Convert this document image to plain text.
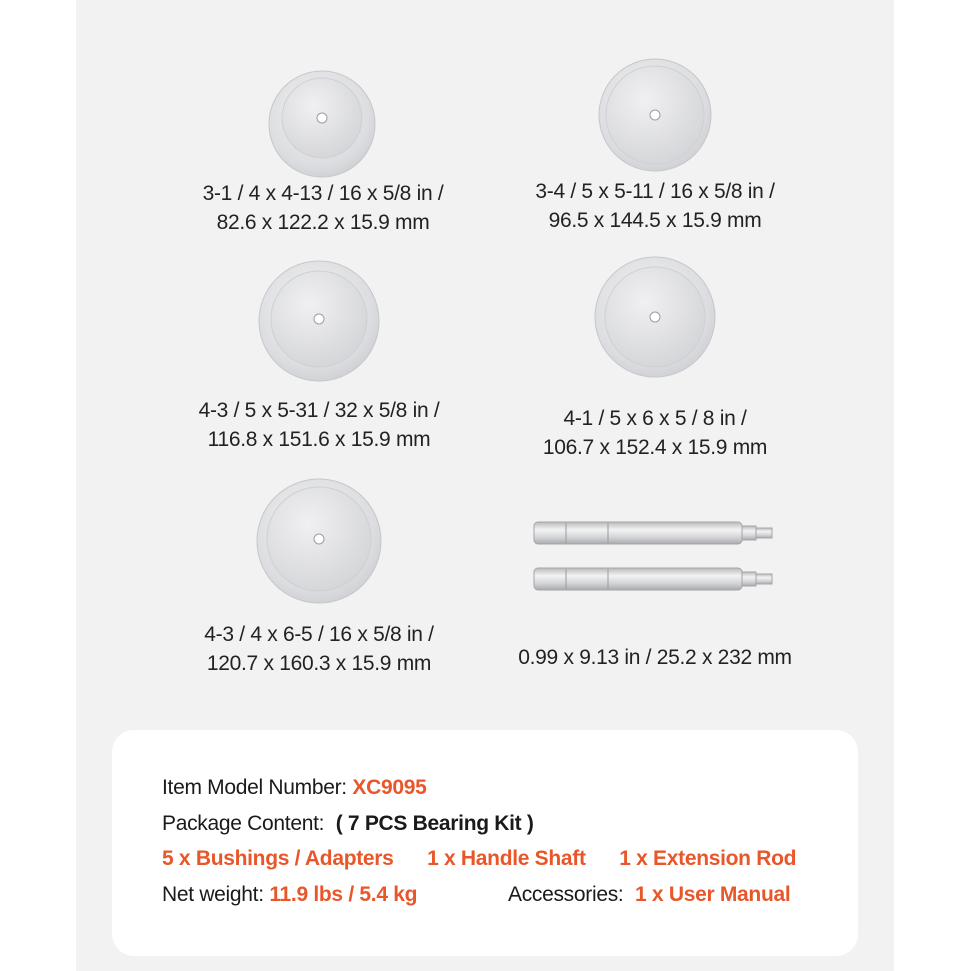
3-1 / 4 x 4-13 / 16 x 5/8 in /
82.6 x 122.2 x 15.9 mm
3-4 / 5 x 5-11 / 16 x 5/8 in /
96.5 x 144.5 x 15.9 mm
4-3 / 5 x 5-31 / 32 x 5/8 in /
116.8 x 151.6 x 15.9 mm
4-1 / 5 x 6 x 5 / 8 in /
106.7 x 152.4 x 15.9 mm
4-3 / 4 x 6-5 / 16 x 5/8 in /
120.7 x 160.3 x 15.9 mm	0.99 x 9.13 in / 25.2 x 232 mm
Item Model Number: XC9095
Package Content: ( 7 PCS Bearing Kit )
5 x Bushings / Adapters 1 x Handle Shaft 1 x Extension Rod
Net weight: 11.9 lbs / 5.4 kg	Accessories: 1 x User Manual
